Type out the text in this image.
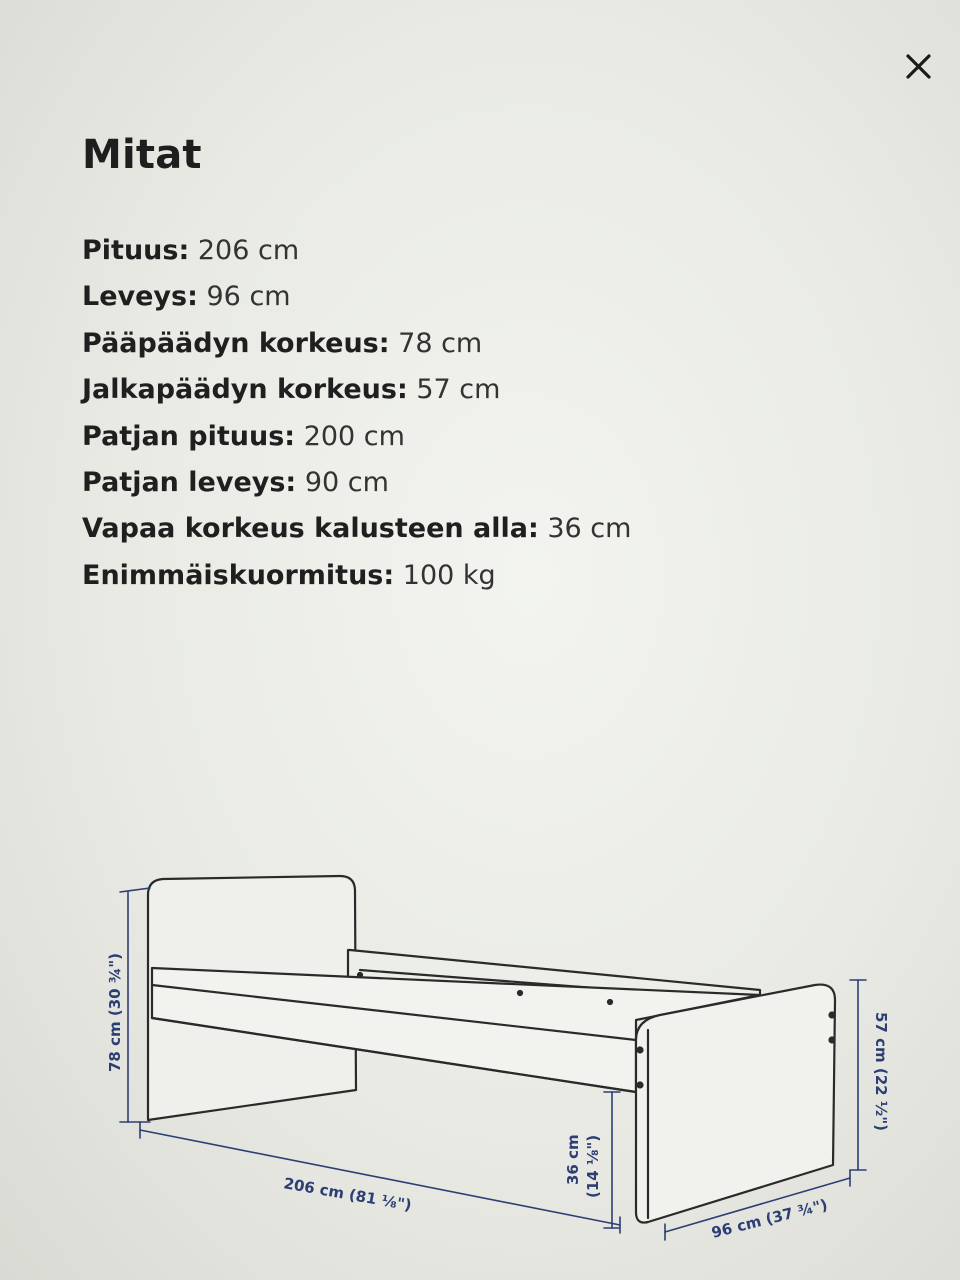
Mitat
Pituus: 206 cm
Leveys: 96 cm
Pääpäädyn korkeus: 78 cm
Jalkapäädyn korkeus: 57 cm
Patjan pituus: 200 cm
Patjan leveys: 90 cm
Vapaa korkeus kalusteen alla: 36 cm
Enimmäiskuormitus: 100 kg
78 cm (30 ¾")
206 cm (81 ⅛")
36 cm (14 ⅛")
57 cm (22 ½")
96 cm (37 ¾")
